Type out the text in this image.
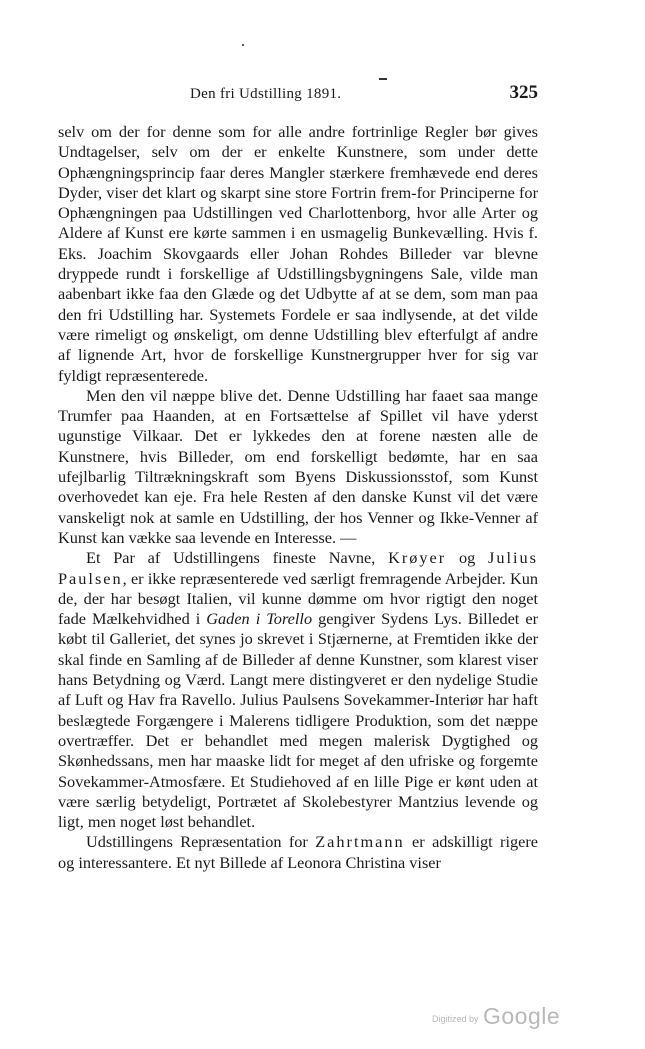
Den fri Udstilling 1891.	325

selv om der for denne som for alle andre fortrinlige Regler bør gives Undtagelser, selv om der er enkelte Kunstnere, som under dette Ophængningsprincip faar deres Mangler stærkere fremhævede end deres Dyder, viser det klart og skarpt sine store Fortrin frem-for Principerne for Ophængningen paa Udstillingen ved Charlottenborg, hvor alle Arter og Aldere af Kunst ere kørte sammen i en usmagelig Bunkevælling. Hvis f. Eks. Joachim Skovgaards eller Johan Rohdes Billeder var blevne dryppede rundt i forskellige af Udstillingsbygningens Sale, vilde man aabenbart ikke faa den Glæde og det Udbytte af at se dem, som man paa den fri Udstilling har. Systemets Fordele er saa indlysende, at det vilde være rimeligt og ønskeligt, om denne Udstilling blev efterfulgt af andre af lignende Art, hvor de forskellige Kunstnergrupper hver for sig var fyldigt repræsenterede.

Men den vil næppe blive det. Denne Udstilling har faaet saa mange Trumfer paa Haanden, at en Fortsættelse af Spillet vil have yderst ugunstige Vilkaar. Det er lykkedes den at forene næsten alle de Kunstnere, hvis Billeder, om end forskelligt bedømte, har en saa ufejlbarlig Tiltrækningskraft som Byens Diskussionsstof, som Kunst overhovedet kan eje. Fra hele Resten af den danske Kunst vil det være vanskeligt nok at samle en Udstilling, der hos Venner og Ikke-Venner af Kunst kan vække saa levende en Interesse. —

Et Par af Udstillingens fineste Navne, Krøyer og Julius Paulsen, er ikke repræsenterede ved særligt fremragende Arbejder. Kun de, der har besøgt Italien, vil kunne dømme om hvor rigtigt den noget fade Mælkehvidhed i Gaden i Torello gengiver Sydens Lys. Billedet er købt til Galleriet, det synes jo skrevet i Stjærnerne, at Fremtiden ikke der skal finde en Samling af de Billeder af denne Kunstner, som klarest viser hans Betydning og Værd. Langt mere distingveret er den nydelige Studie af Luft og Hav fra Ravello. Julius Paulsens Sovekammer-Interiør har haft beslægtede Forgængere i Malerens tidligere Produktion, som det næppe overtræffer. Det er behandlet med megen malerisk Dygtighed og Skønhedssans, men har maaske lidt for meget af den ufriske og forgemte Sovekammer-Atmosfære. Et Studiehoved af en lille Pige er kønt uden at være særlig betydeligt, Portrætet af Skolebestyrer Mantzius levende og ligt, men noget løst behandlet.

Udstillingens Repræsentation for Zahrtmann er adskilligt rigere og interessantere. Et nyt Billede af Leonora Christina viser

Digitized by Google
